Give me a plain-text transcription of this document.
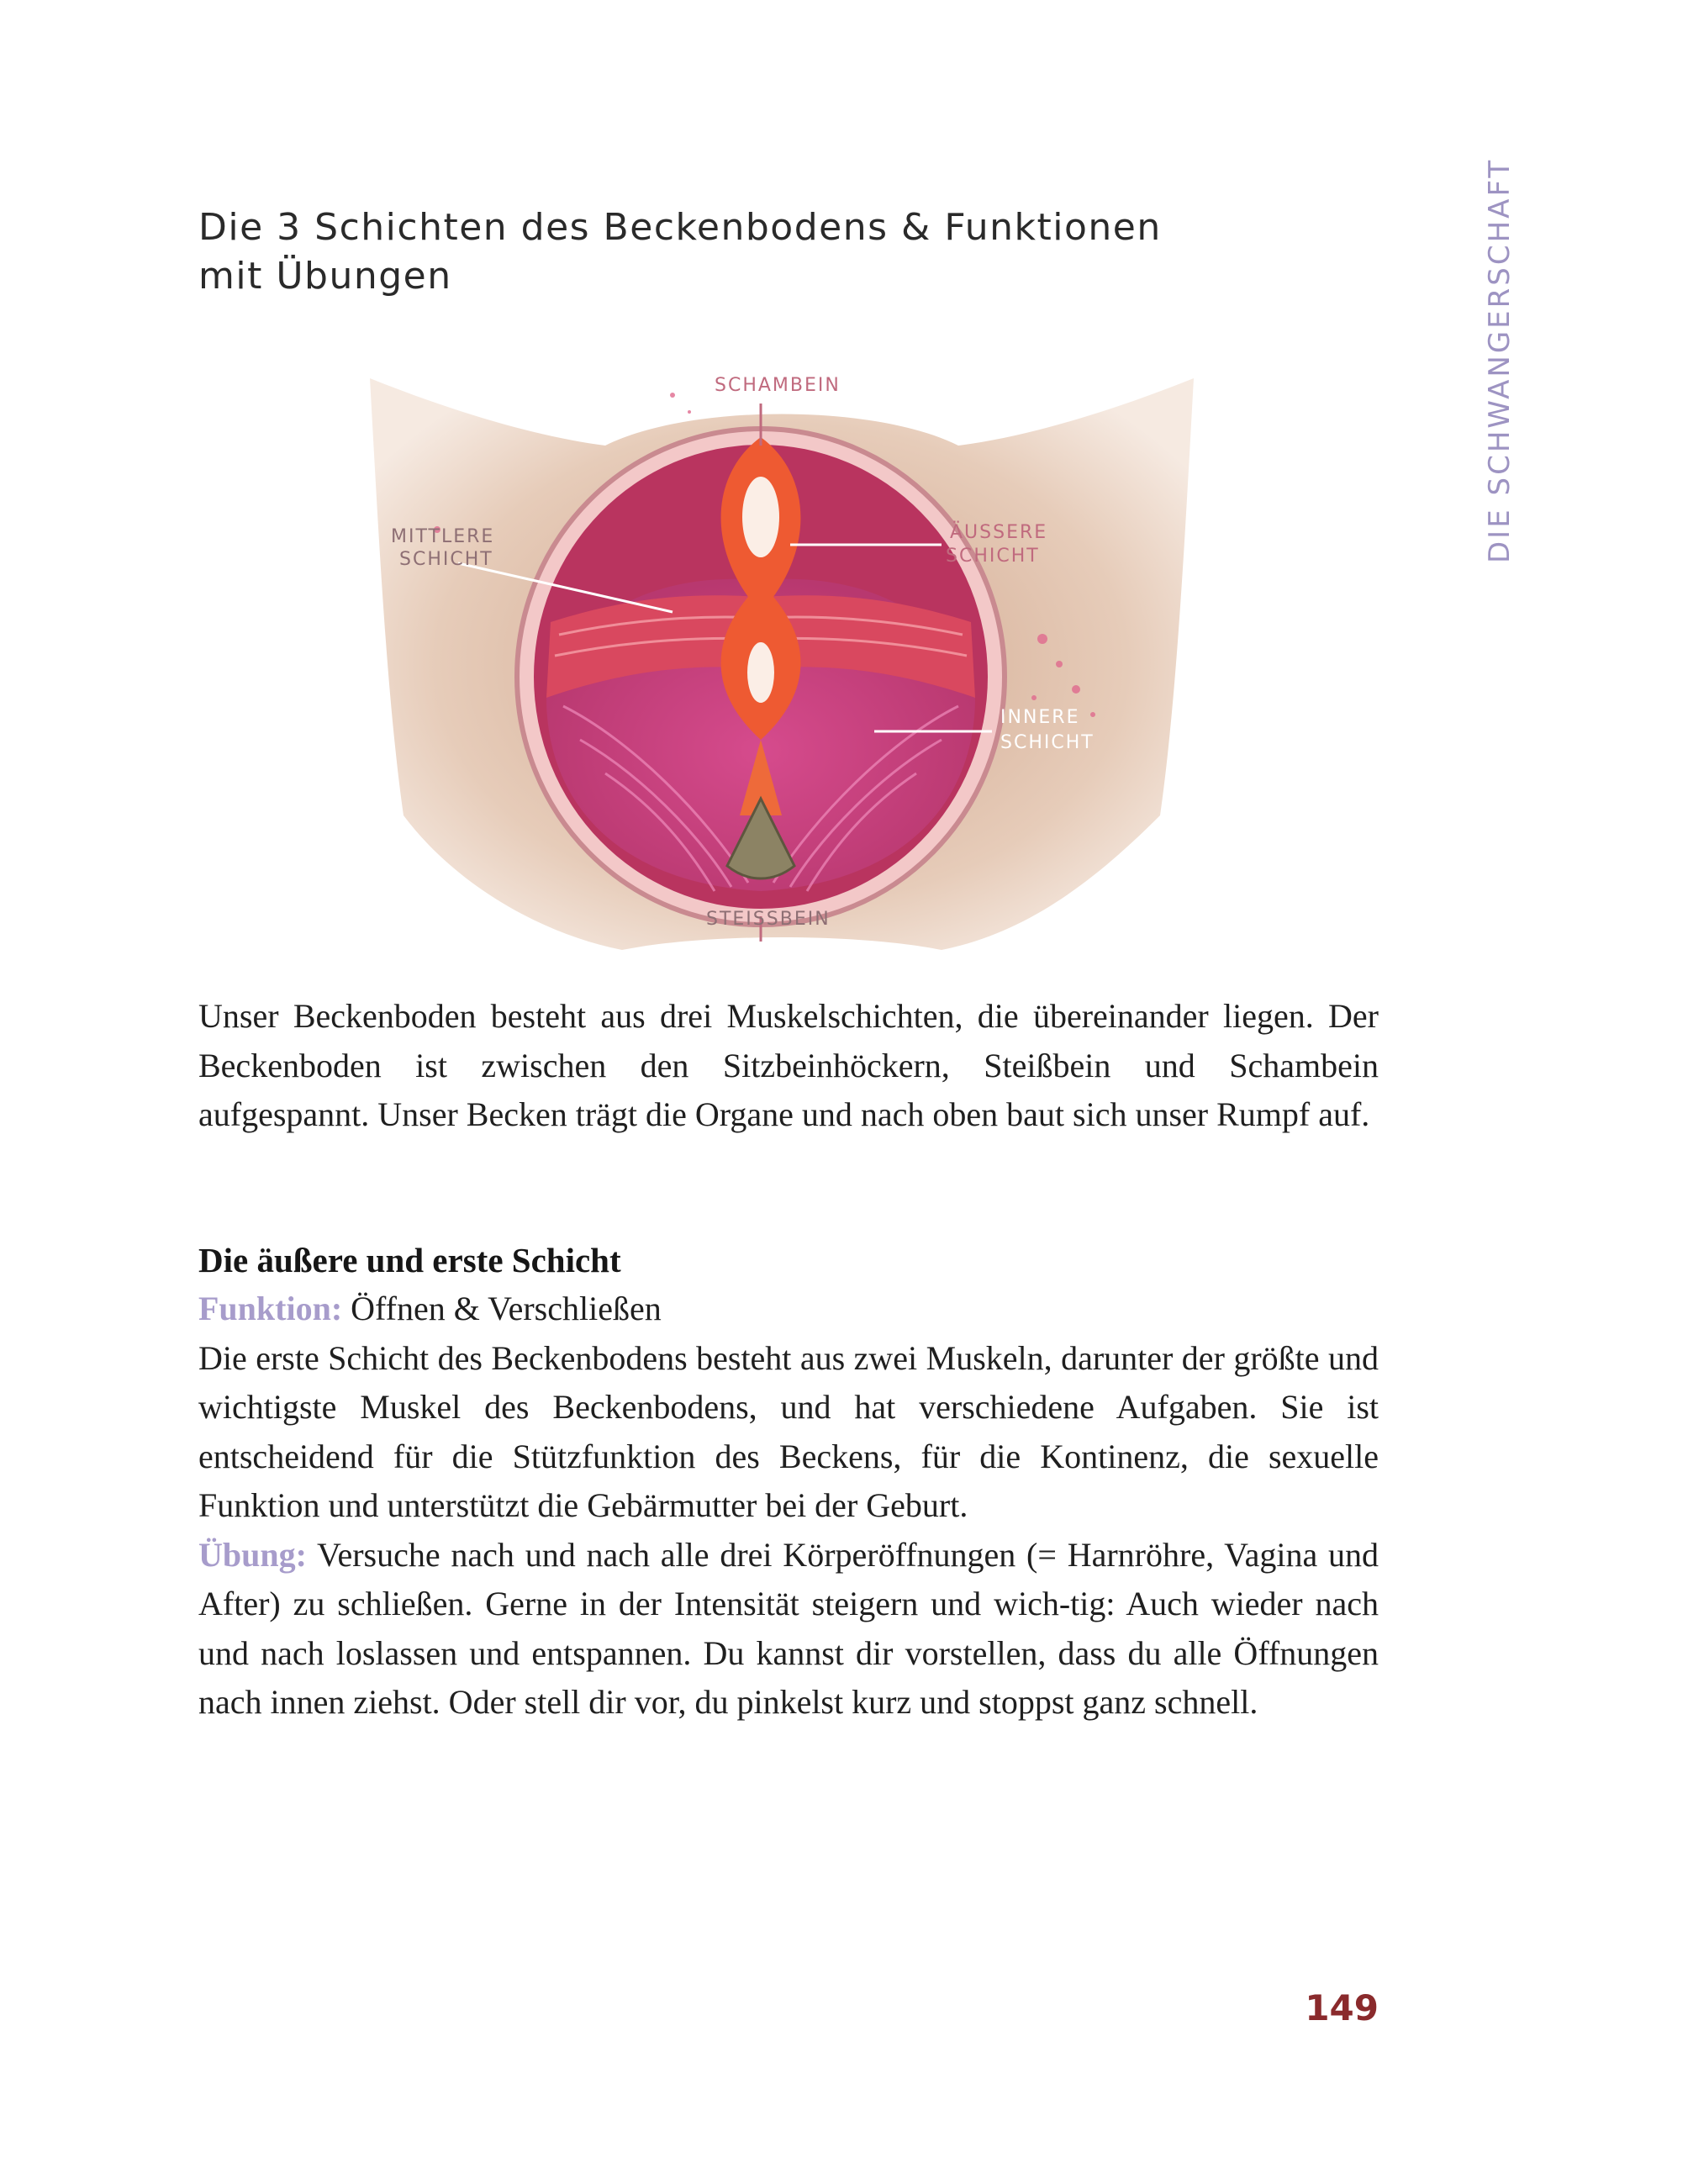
Die 3 Schichten des Beckenbodens & Funktionen
mit Übungen	DIE SCHWANGERSCHAFT
SCHAMBEIN
MITTLERE
SCHICHT
ÄUSSERE
SCHICHT
INNERE
SCHICHT
STEISSBEIN

Unser Beckenboden besteht aus drei Muskelschichten, die übereinander liegen. Der Beckenboden ist zwischen den Sitzbeinhöckern, Steißbein und Schambein aufgespannt. Unser Becken trägt die Organe und nach oben baut sich unser Rumpf auf.

Die äußere und erste Schicht
Funktion: Öffnen & Verschließen
Die erste Schicht des Beckenbodens besteht aus zwei Muskeln, darunter der größte und wichtigste Muskel des Beckenbodens, und hat verschiedene Aufgaben. Sie ist entscheidend für die Stützfunktion des Beckens, für die Kontinenz, die sexuelle Funktion und unterstützt die Gebärmutter bei der Geburt.
Übung: Versuche nach und nach alle drei Körperöffnungen (= Harnröhre, Vagina und After) zu schließen. Gerne in der Intensität steigern und wich-tig: Auch wieder nach und nach loslassen und entspannen. Du kannst dir vorstellen, dass du alle Öffnungen nach innen ziehst. Oder stell dir vor, du pinkelst kurz und stoppst ganz schnell.
149
